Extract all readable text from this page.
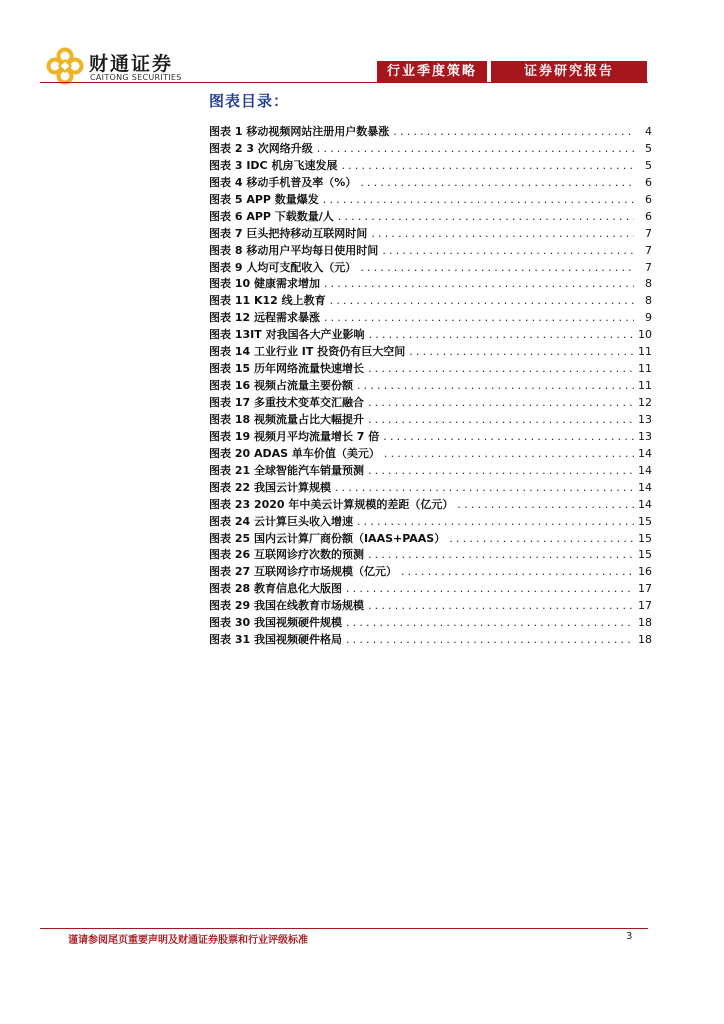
财通证券
CAITONG SECURITIES	行业季度策略	证券研究报告
图表目录：
图表 1 移动视频网站注册用户数暴涨 .....	4
图表 2 3 次网络升级 .....	5
图表 3 IDC 机房飞速发展 .....	5
图表 4 移动手机普及率（%） .....	6
图表 5 APP 数量爆发 .....	6
图表 6 APP 下载数量/人 .....	6
图表 7 巨头把持移动互联网时间 .....	7
图表 8 移动用户平均每日使用时间 .....	7
图表 9 人均可支配收入（元） .....	7
图表 10 健康需求增加 .....	8
图表 11 K12 线上教育 .....	8
图表 12 远程需求暴涨 .....	9
图表 13IT 对我国各大产业影响 .....	10
图表 14 工业行业 IT 投资仍有巨大空间 .....	11
图表 15 历年网络流量快速增长 .....	11
图表 16 视频占流量主要份额 .....	11
图表 17 多重技术变革交汇融合 .....	12
图表 18 视频流量占比大幅提升 .....	13
图表 19 视频月平均流量增长 7 倍 .....	13
图表 20 ADAS 单车价值（美元） .....	14
图表 21 全球智能汽车销量预测 .....	14
图表 22 我国云计算规模 .....	14
图表 23 2020 年中美云计算规模的差距（亿元） .....	14
图表 24 云计算巨头收入增速 .....	15
图表 25 国内云计算厂商份额（IAAS+PAAS） .....	15
图表 26 互联网诊疗次数的预测 .....	15
图表 27 互联网诊疗市场规模（亿元） .....	16
图表 28 教育信息化大版图 .....	17
图表 29 我国在线教育市场规模 .....	17
图表 30 我国视频硬件规模 .....	18
图表 31 我国视频硬件格局 .....	18
谨请参阅尾页重要声明及财通证券股票和行业评级标准	3
